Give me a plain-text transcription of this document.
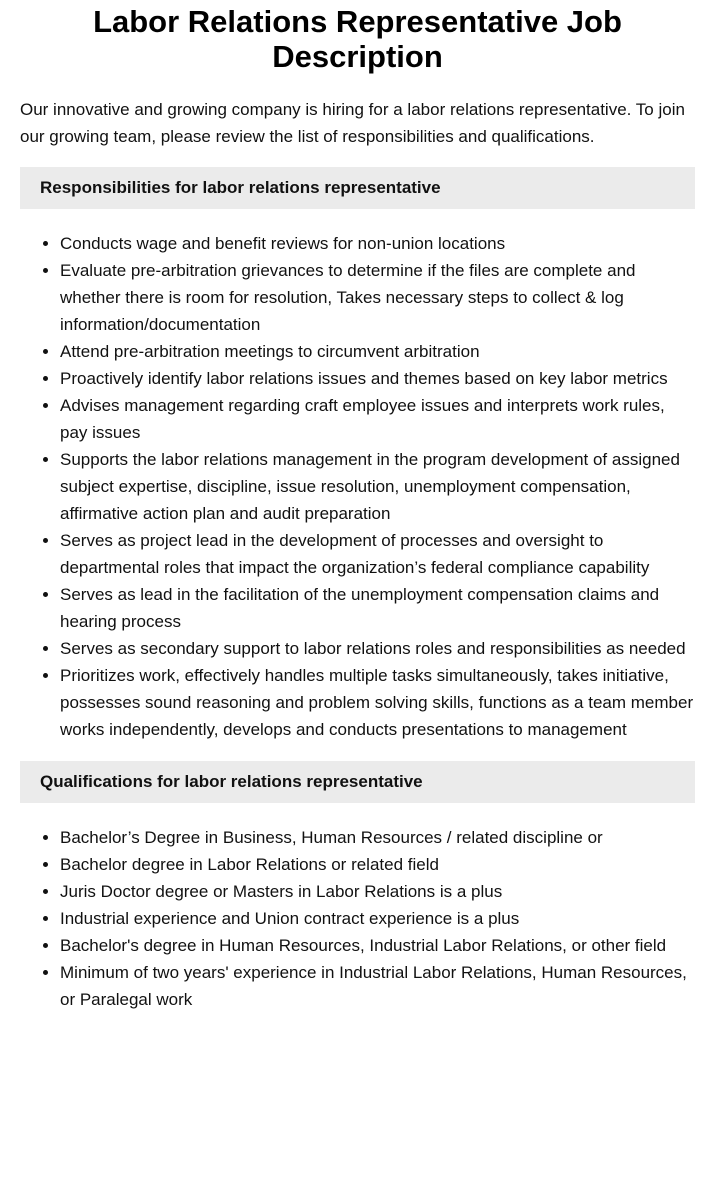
Labor Relations Representative Job Description

Our innovative and growing company is hiring for a labor relations representative. To join our growing team, please review the list of responsibilities and qualifications.

Responsibilities for labor relations representative
• Conducts wage and benefit reviews for non-union locations
• Evaluate pre-arbitration grievances to determine if the files are complete and whether there is room for resolution, Takes necessary steps to collect & log information/documentation
• Attend pre-arbitration meetings to circumvent arbitration
• Proactively identify labor relations issues and themes based on key labor metrics
• Advises management regarding craft employee issues and interprets work rules, pay issues
• Supports the labor relations management in the program development of assigned subject expertise, discipline, issue resolution, unemployment compensation, affirmative action plan and audit preparation
• Serves as project lead in the development of processes and oversight to departmental roles that impact the organization’s federal compliance capability
• Serves as lead in the facilitation of the unemployment compensation claims and hearing process
• Serves as secondary support to labor relations roles and responsibilities as needed
• Prioritizes work, effectively handles multiple tasks simultaneously, takes initiative, possesses sound reasoning and problem solving skills, functions as a team member works independently, develops and conducts presentations to management
Qualifications for labor relations representative
• Bachelor’s Degree in Business, Human Resources / related discipline or
• Bachelor degree in Labor Relations or related field
• Juris Doctor degree or Masters in Labor Relations is a plus
• Industrial experience and Union contract experience is a plus
• Bachelor's degree in Human Resources, Industrial Labor Relations, or other field
• Minimum of two years' experience in Industrial Labor Relations, Human Resources, or Paralegal work
